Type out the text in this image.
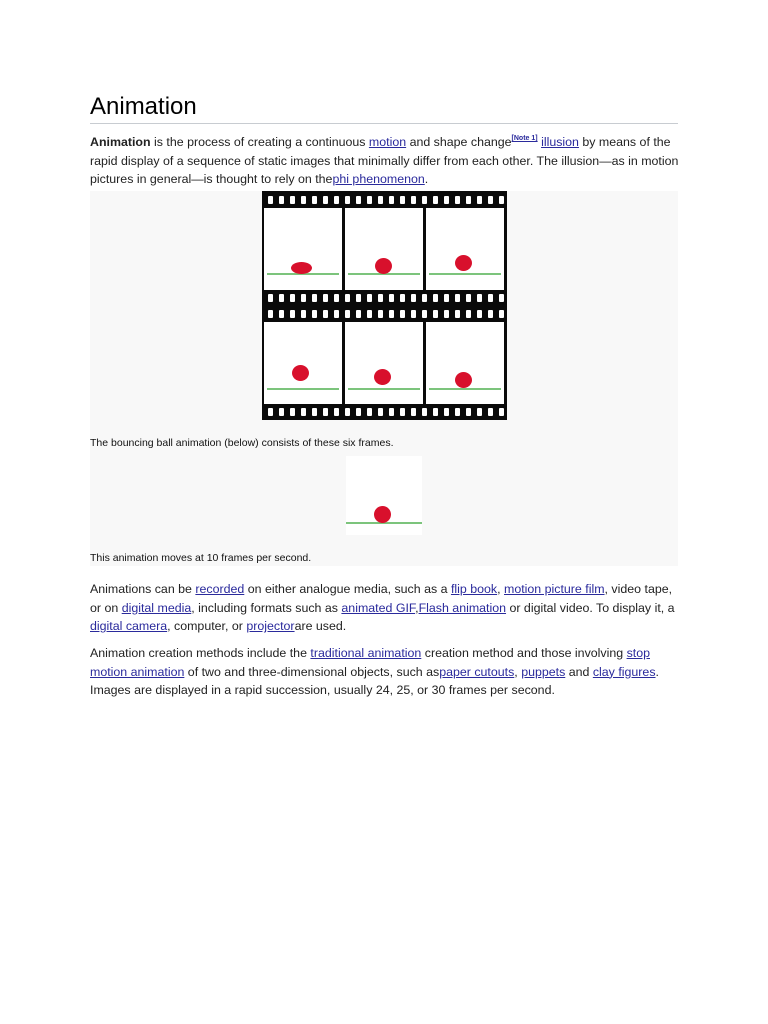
Animation

Animation is the process of creating a continuous motion and shape change[Note 1] illusion by means of the rapid display of a sequence of static images that minimally differ from each other. The illusion—as in motion pictures in general—is thought to rely on thephi phenomenon.

The bouncing ball animation (below) consists of these six frames.
This animation moves at 10 frames per second.

Animations can be recorded on either analogue media, such as a flip book, motion picture film, video tape, or on digital media, including formats such as animated GIF,Flash animation or digital video. To display it, a digital camera, computer, or projectorare used.

Animation creation methods include the traditional animation creation method and those involving stop motion animation of two and three-dimensional objects, such aspaper cutouts, puppets and clay figures. Images are displayed in a rapid succession, usually 24, 25, or 30 frames per second.
